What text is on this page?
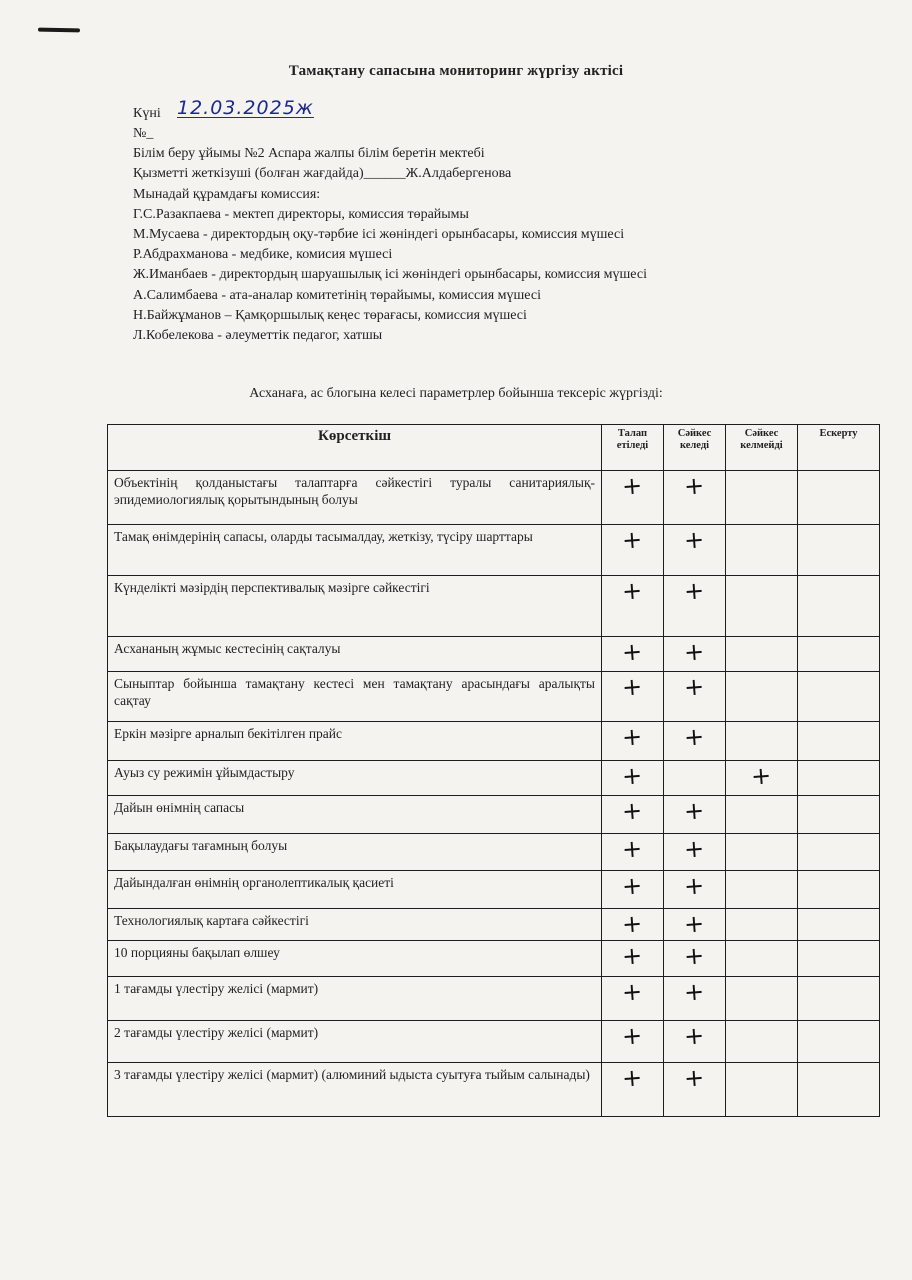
Тамақтану сапасына мониторинг жүргізу актісі
Күні 12.03.2025ж
№_
Білім беру ұйымы №2 Аспара жалпы білім беретін мектебі
Қызметті жеткізуші (болған жағдайда)______Ж.Алдабергенова
Мынадай құрамдағы комиссия:
Г.С.Разакпаева - мектеп директоры, комиссия төрайымы
М.Мусаева - директордың оқу-тәрбие ісі жөніндегі орынбасары, комиссия мүшесі
Р.Абдрахманова - медбике, комисия мүшесі
Ж.Иманбаев - директордың шаруашылық ісі жөніндегі орынбасары, комиссия мүшесі
А.Салимбаева - ата-аналар комитетінің төрайымы, комиссия мүшесі
Н.Байжұманов – Қамқоршылық кеңес төрағасы, комиссия мүшесі
Л.Кобелекова - әлеуметтік педагог, хатшы
Асханаға, ас блогына келесі параметрлер бойынша тексеріс жүргізді:
Көрсеткіш	Талап етіледі	Сәйкес келеді	Сәйкес келмейді	Ескерту
Объектінің қолданыстағы талаптарға сәйкестігі туралы санитариялық-эпидемиологиялық қорытындының болуы	+	+		
Тамақ өнімдерінің сапасы, оларды тасымалдау, жеткізу, түсіру шарттары	+	+		
Күнделікті мәзірдің перспективалық мәзірге сәйкестігі	+	+		
Асхананың жұмыс кестесінің сақталуы	+	+		
Сыныптар бойынша тамақтану кестесі мен тамақтану арасындағы аралықты сақтау	+	+		
Еркін мәзірге арналып бекітілген прайс	+	+		
Ауыз су режимін ұйымдастыру	+		+	
Дайын өнімнің сапасы	+	+		
Бақылаудағы тағамның болуы	+	+		
Дайындалған өнімнің органолептикалық қасиеті	+	+		
Технологиялық картаға сәйкестігі	+	+		
10 порцияны бақылап өлшеу	+	+		
1 тағамды үлестіру желісі (мармит)	+	+		
2 тағамды үлестіру желісі (мармит)	+	+		
3 тағамды үлестіру желісі (мармит) (алюминий ыдыста суытуға тыйым салынады)	+	+		
